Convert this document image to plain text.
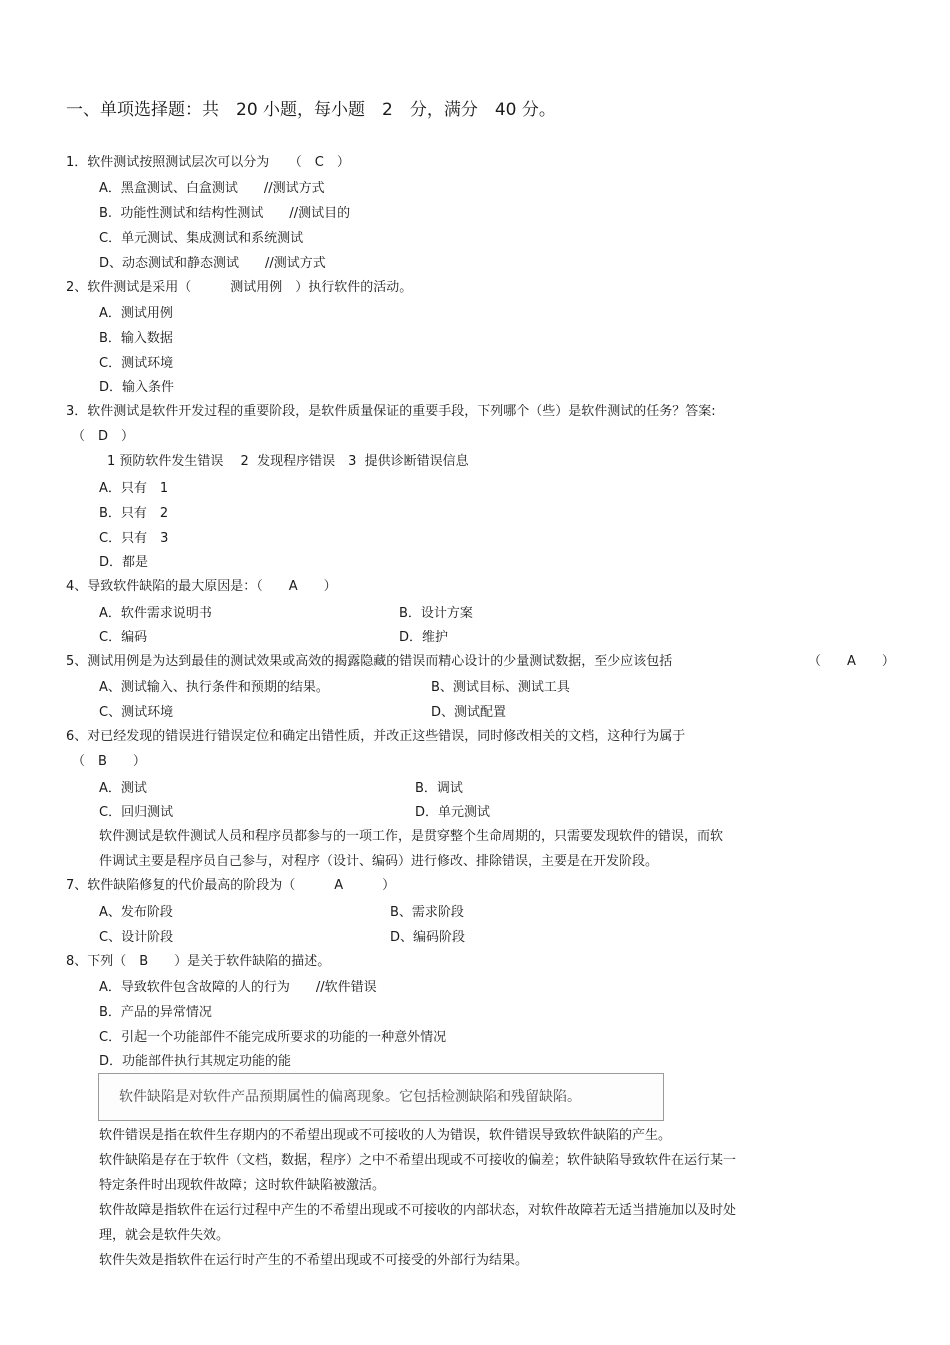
一、单项选择题：共　20 小题，每小题　2　分，满分　40 分。
1．软件测试按照测试层次可以分为　　（　C　）
A．黑盒测试、白盒测试　　//测试方式
B.  功能性测试和结构性测试　　//测试目的
C．单元测试、集成测试和系统测试
D、动态测试和静态测试　　//测试方式
2、软件测试是采用（　　　测试用例　）执行软件的活动。
A．测试用例
B．输入数据
C．测试环境
D．输入条件
3．软件测试是软件开发过程的重要阶段，是软件质量保证的重要手段，下列哪个（些）是软件测试的任务？答案:
（　D　）
1 预防软件发生错误　 2  发现程序错误　3  提供诊断错误信息
A．只有　1
B．只有　2
C．只有　3
D．都是
4、导致软件缺陷的最大原因是：（　　A　　）
A．软件需求说明书	B．设计方案
C．编码	D．维护
5、测试用例是为达到最佳的测试效果或高效的揭露隐藏的错误而精心设计的少量测试数据，至少应该包括	（　　A　　）
A、测试输入、执行条件和预期的结果。	B、测试目标、测试工具
C、测试环境	D、测试配置
6、对已经发现的错误进行错误定位和确定出错性质，并改正这些错误，同时修改相关的文档，这种行为属于
（　B　　）
A．测试	B．调试
C．回归测试	D．单元测试
软件测试是软件测试人员和程序员都参与的一项工作，是贯穿整个生命周期的，只需要发现软件的错误，而软
件调试主要是程序员自己参与，对程序（设计、编码）进行修改、排除错误，主要是在开发阶段。
7、软件缺陷修复的代价最高的阶段为（　　　A　　　）
A、发布阶段	B、需求阶段
C、设计阶段	D、编码阶段
8、下列（　B　　）是关于软件缺陷的描述。
A．导致软件包含故障的人的行为　　//软件错误
B．产品的异常情况
C．引起一个功能部件不能完成所要求的功能的一种意外情况
D．功能部件执行其规定功能的能
软件缺陷是对软件产品预期属性的偏离现象。它包括检测缺陷和残留缺陷。
软件错误是指在软件生存期内的不希望出现或不可接收的人为错误，软件错误导致软件缺陷的产生。
软件缺陷是存在于软件（文档，数据，程序）之中不希望出现或不可接收的偏差；软件缺陷导致软件在运行某一
特定条件时出现软件故障；这时软件缺陷被激活。
软件故障是指软件在运行过程中产生的不希望出现或不可接收的内部状态，对软件故障若无适当措施加以及时处
理，就会是软件失效。
软件失效是指软件在运行时产生的不希望出现或不可接受的外部行为结果。
